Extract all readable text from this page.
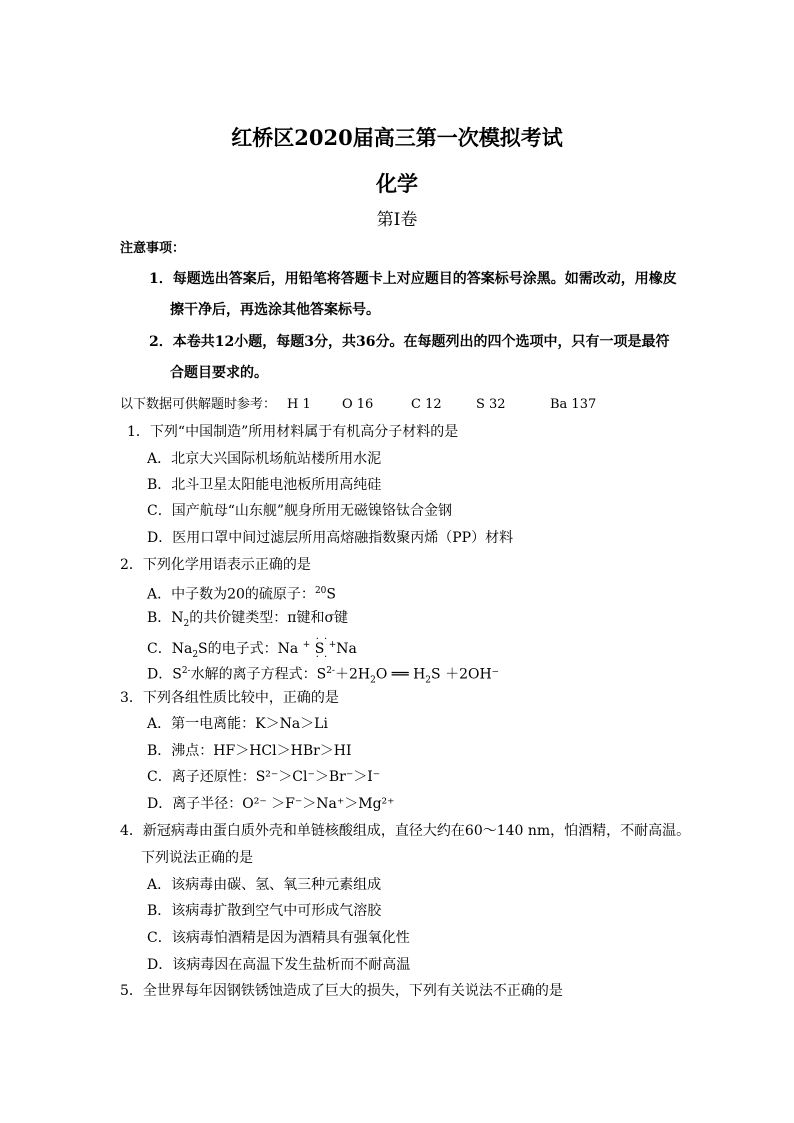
红桥区2020届高三第一次模拟考试
化学
第Ⅰ卷
注意事项：
1．每题选出答案后，用铅笔将答题卡上对应题目的答案标号涂黑。如需改动，用橡皮
擦干净后，再选涂其他答案标号。
2．本卷共12小题，每题3分，共36分。在每题列出的四个选项中，只有一项是最符
合题目要求的。
以下数据可供解题时参考： H 1 O 16	C 12	S 32	Ba 137
1．下列“中国制造”所用材料属于有机高分子材料的是
A．北京大兴国际机场航站楼所用水泥
B．北斗卫星太阳能电池板所用高纯硅
C．国产航母“山东舰”舰身所用无磁镍铬钛合金钢
D．医用口罩中间过滤层所用高熔融指数聚丙烯（PP）材料
2．下列化学用语表示正确的是
A．中子数为20的硫原子：$^{20}$S
B．$N_2$的共价键类型：π键和σ键
C．$Na_2S$的电子式：Na + · · S · · +Na
D．$S^{2-}$水解的离子方程式：$S^{2-}+2H_2O$ ══ $H_2S +2OH^-$
3．下列各组性质比较中，正确的是
A．第一电离能：K＞Na＞Li
B．沸点：HF＞HCl＞HBr＞HI
C．离子还原性：S²⁻＞Cl⁻＞Br⁻＞I⁻
D．离子半径：O²⁻ ＞F⁻＞Na⁺＞Mg²⁺
4．新冠病毒由蛋白质外壳和单链核酸组成，直径大约在60～140 nm，怕酒精，不耐高温。
下列说法正确的是
A．该病毒由碳、氢、氧三种元素组成
B．该病毒扩散到空气中可形成气溶胶
C．该病毒怕酒精是因为酒精具有强氧化性
D．该病毒因在高温下发生盐析而不耐高温
5．全世界每年因钢铁锈蚀造成了巨大的损失，下列有关说法不正确的是
